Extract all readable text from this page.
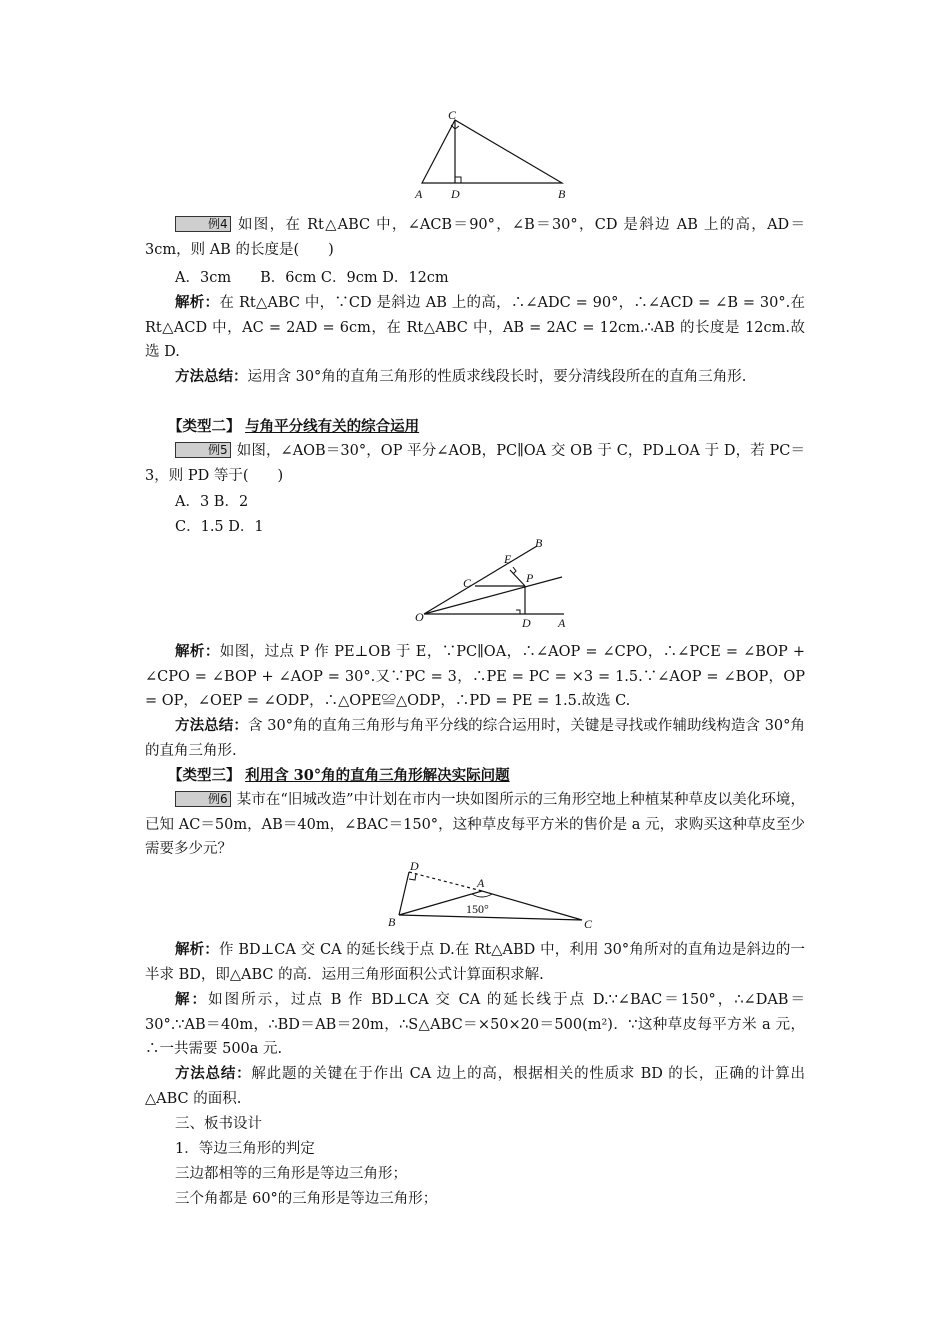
C
A D	B

例4 如图，在 Rt△ABC 中，∠ACB＝90°，∠B＝30°，CD 是斜边 AB 上的高，AD＝3cm，则 AB 的长度是(　　)

A．3cm　　B．6cm C．9cm D．12cm

解析：在 Rt△ABC 中，∵CD 是斜边 AB 上的高，∴∠ADC = 90°，∴∠ACD = ∠B = 30°.在 Rt△ACD 中，AC = 2AD = 6cm，在 Rt△ABC 中，AB = 2AC = 12cm.∴AB 的长度是 12cm.故选 D.

方法总结：运用含 30°角的直角三角形的性质求线段长时，要分清线段所在的直角三角形.

【类型二】 与角平分线有关的综合运用

例5 如图，∠AOB＝30°，OP 平分∠AOB，PC∥OA 交 OB 于 C，PD⊥OA 于 D，若 PC＝3，则 PD 等于(　　)

A．3 B．2
C．1.5 D．1
B
E
C	P
O	D A

解析：如图，过点 P 作 PE⊥OB 于 E，∵PC∥OA，∴∠AOP = ∠CPO，∴∠PCE = ∠BOP + ∠CPO = ∠BOP + ∠AOP = 30°.又∵PC = 3，∴PE = PC = ×3 = 1.5.∵∠AOP = ∠BOP，OP = OP，∠OEP = ∠ODP，∴△OPE≌△ODP，∴PD = PE = 1.5.故选 C.

方法总结：含 30°角的直角三角形与角平分线的综合运用时，关键是寻找或作辅助线构造含 30°角的直角三角形.

【类型三】 利用含 30°角的直角三角形解决实际问题

例6 某市在“旧城改造”中计划在市内一块如图所示的三角形空地上种植某种草皮以美化环境，已知 AC＝50m，AB＝40m，∠BAC＝150°，这种草皮每平方米的售价是 a 元，求购买这种草皮至少需要多少元？

D
A
B	C
150°

解析：作 BD⊥CA 交 CA 的延长线于点 D.在 Rt△ABD 中，利用 30°角所对的直角边是斜边的一半求 BD，即△ABC 的高．运用三角形面积公式计算面积求解.

解：如图所示，过点 B 作 BD⊥CA 交 CA 的延长线于点 D.∵∠BAC＝150°，∴∠DAB＝30°.∵AB＝40m，∴BD＝AB＝20m，∴S△ABC＝×50×20＝500(m²)．∵这种草皮每平方米 a 元，∴一共需要 500a 元.

方法总结：解此题的关键在于作出 CA 边上的高，根据相关的性质求 BD 的长，正确的计算出△ABC 的面积.

三、板书设计
1．等边三角形的判定
三边都相等的三角形是等边三角形；
三个角都是 60°的三角形是等边三角形；
